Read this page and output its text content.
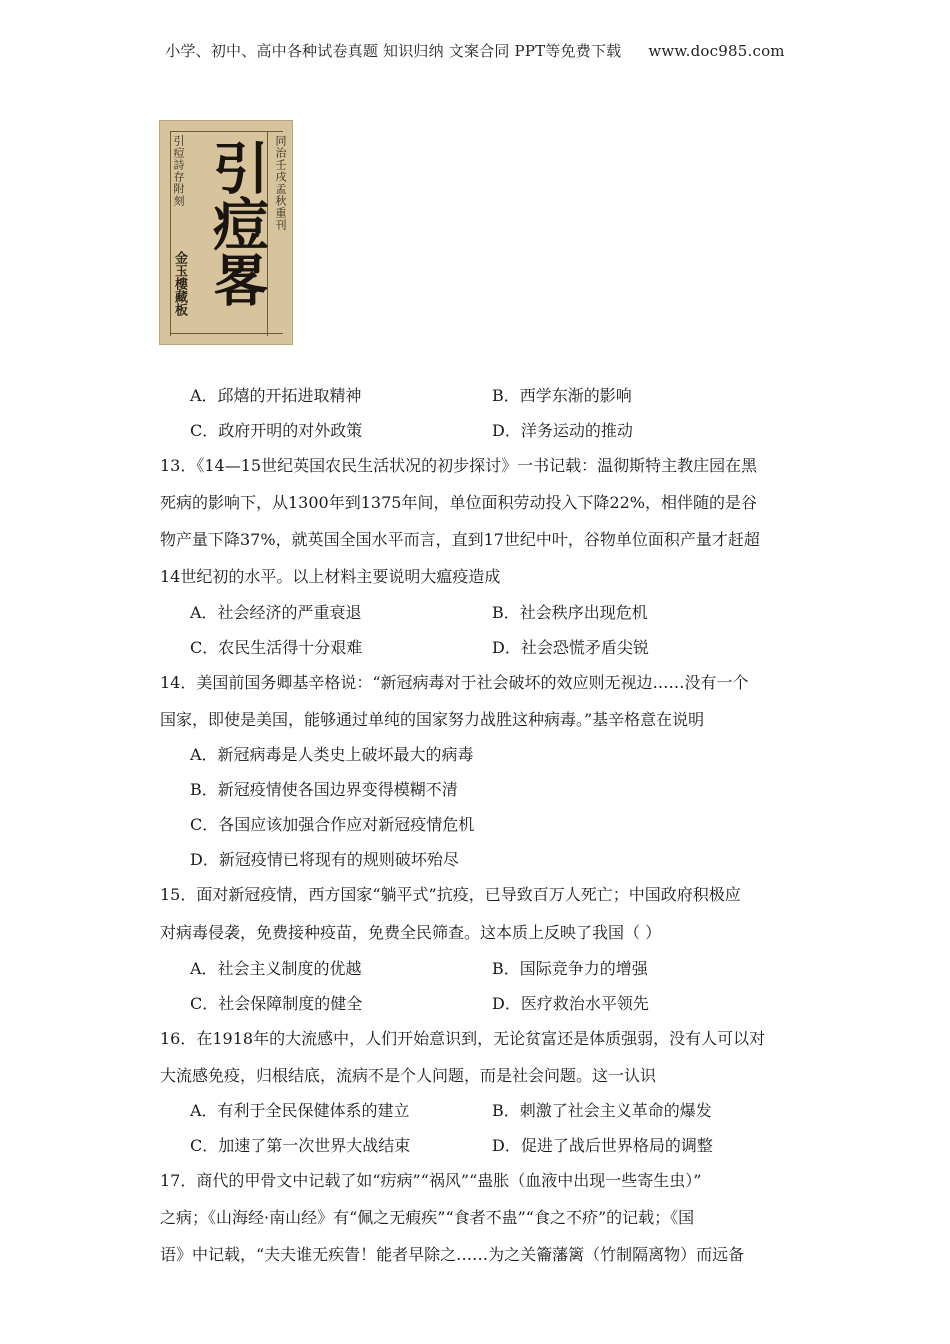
小学、初中、高中各种试卷真题 知识归纳 文案合同 PPT等免费下载 www.doc985.com
引痘詩存附刻
金玉樓藏板 引痘畧 同治壬戌孟秋重刊
A．邱熺的开拓进取精神	B．西学东渐的影响
C．政府开明的对外政策	D．洋务运动的推动
13．《14—15世纪英国农民生活状况的初步探讨》一书记载：温彻斯特主教庄园在黑
死病的影响下，从1300年到1375年间，单位面积劳动投入下降22%，相伴随的是谷
物产量下降37%，就英国全国水平而言，直到17世纪中叶，谷物单位面积产量才赶超
14世纪初的水平。以上材料主要说明大瘟疫造成
A．社会经济的严重衰退	B．社会秩序出现危机
C．农民生活得十分艰难	D．社会恐慌矛盾尖锐
14．美国前国务卿基辛格说：“新冠病毒对于社会破坏的效应则无视边……没有一个
国家，即使是美国，能够通过单纯的国家努力战胜这种病毒。”基辛格意在说明
A．新冠病毒是人类史上破坏最大的病毒
B．新冠疫情使各国边界变得模糊不清
C．各国应该加强合作应对新冠疫情危机
D．新冠疫情已将现有的规则破坏殆尽
15．面对新冠疫情，西方国家“躺平式”抗疫，已导致百万人死亡；中国政府积极应
对病毒侵袭，免费接种疫苗，免费全民筛查。这本质上反映了我国（ ）
A．社会主义制度的优越	B．国际竞争力的增强
C．社会保障制度的健全	D．医疗救治水平领先
16．在1918年的大流感中，人们开始意识到，无论贫富还是体质强弱，没有人可以对
大流感免疫，归根结底，流病不是个人问题，而是社会问题。这一认识
A．有利于全民保健体系的建立	B．刺激了社会主义革命的爆发
C．加速了第一次世界大战结束	D．促进了战后世界格局的调整
17．商代的甲骨文中记载了如“疠病”“祸风”“蛊胀（血液中出现一些寄生虫）”
之病；《山海经·南山经》有“佩之无瘕疾”“食者不蛊”“食之不疥”的记载；《国
语》中记载，“夫夫谁无疾眚！能者早除之……为之关籥藩篱（竹制隔离物）而远备
